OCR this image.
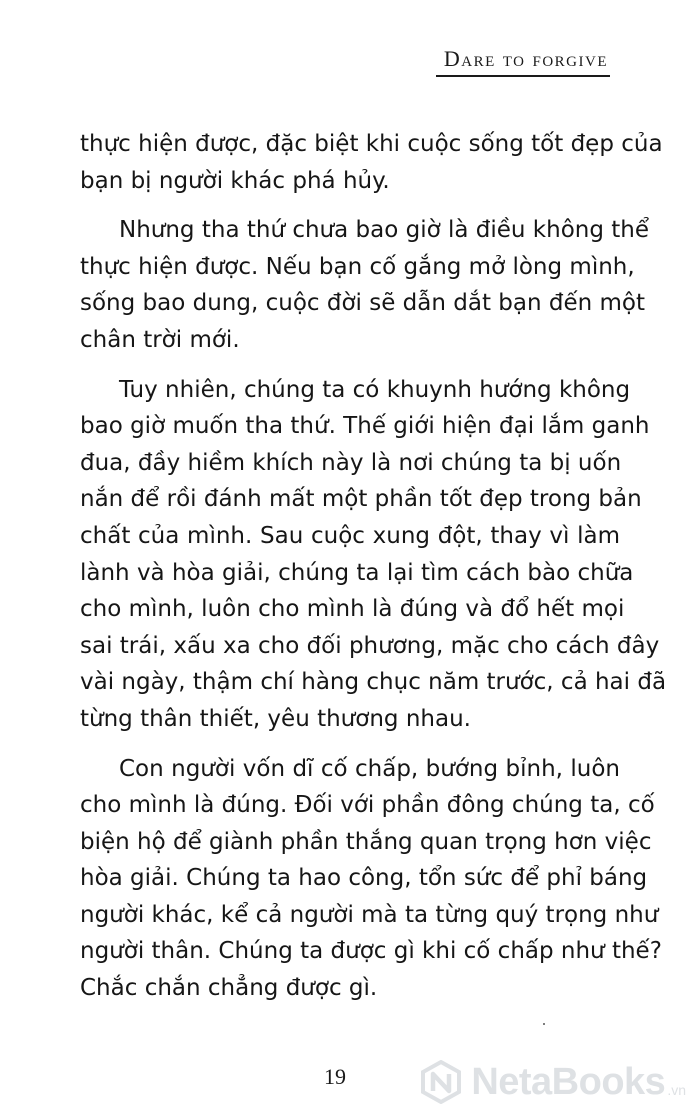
Dare to forgive
thực hiện được, đặc biệt khi cuộc sống tốt đẹp của
bạn bị người khác phá hủy.
Nhưng tha thứ chưa bao giờ là điều không thể
thực hiện được. Nếu bạn cố gắng mở lòng mình,
sống bao dung, cuộc đời sẽ dẫn dắt bạn đến một
chân trời mới.
Tuy nhiên, chúng ta có khuynh hướng không
bao giờ muốn tha thứ. Thế giới hiện đại lắm ganh
đua, đầy hiềm khích này là nơi chúng ta bị uốn
nắn để rồi đánh mất một phần tốt đẹp trong bản
chất của mình. Sau cuộc xung đột, thay vì làm
lành và hòa giải, chúng ta lại tìm cách bào chữa
cho mình, luôn cho mình là đúng và đổ hết mọi
sai trái, xấu xa cho đối phương, mặc cho cách đây
vài ngày, thậm chí hàng chục năm trước, cả hai đã
từng thân thiết, yêu thương nhau.
Con người vốn dĩ cố chấp, bướng bỉnh, luôn
cho mình là đúng. Đối với phần đông chúng ta, cố
biện hộ để giành phần thắng quan trọng hơn việc
hòa giải. Chúng ta hao công, tổn sức để phỉ báng
người khác, kể cả người mà ta từng quý trọng như
người thân. Chúng ta được gì khi cố chấp như thế?
Chắc chắn chẳng được gì.
19	NetaBooks .vn
